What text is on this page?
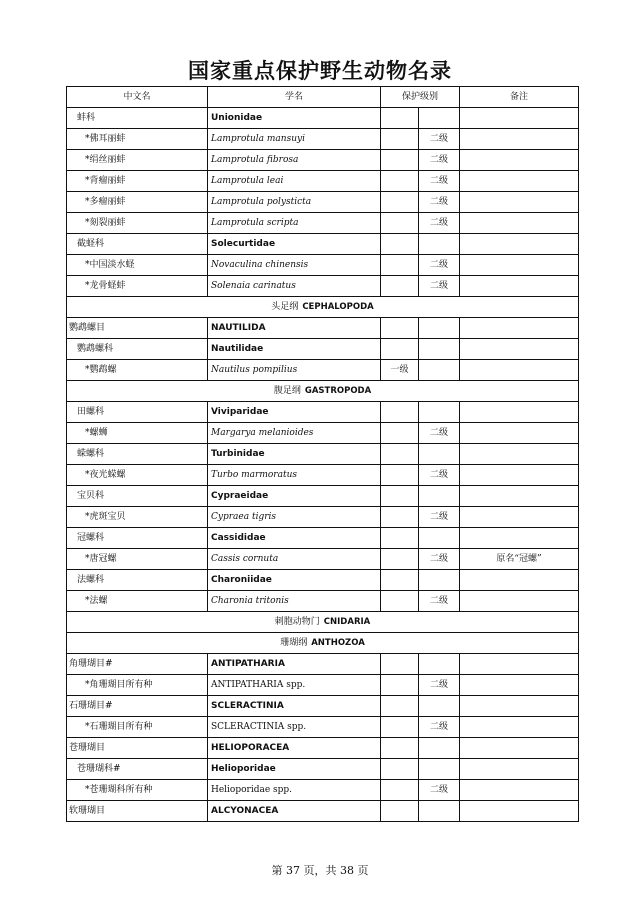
国家重点保护野生动物名录
中文名	学名	保护级别		备注
蚌科	Unionidae			
*佛耳丽蚌	Lamprotula mansuyi		二级	
*绢丝丽蚌	Lamprotula fibrosa		二级	
*背瘤丽蚌	Lamprotula leai		二级	
*多瘤丽蚌	Lamprotula polysticta		二级	
*刻裂丽蚌	Lamprotula scripta		二级	
截蛏科	Solecurtidae			
*中国淡水蛏	Novaculina chinensis		二级	
*龙骨蛏蚌	Solenaia carinatus		二级	
头足纲 CEPHALOPODA				
鹦鹉螺目	NAUTILIDA			
鹦鹉螺科	Nautilidae			
*鹦鹉螺	Nautilus pompilius	一级		
腹足纲 GASTROPODA				
田螺科	Viviparidae			
*螺蛳	Margarya melanioides		二级	
蝾螺科	Turbinidae			
*夜光蝾螺	Turbo marmoratus		二级	
宝贝科	Cypraeidae			
*虎斑宝贝	Cypraea tigris		二级	
冠螺科	Cassididae			
*唐冠螺	Cassis cornuta		二级	原名“冠螺”
法螺科	Charoniidae			
*法螺	Charonia tritonis		二级	
刺胞动物门 CNIDARIA				
珊瑚纲 ANTHOZOA				
角珊瑚目#	ANTIPATHARIA			
*角珊瑚目所有种	ANTIPATHARIA spp.		二级	
石珊瑚目#	SCLERACTINIA			
*石珊瑚目所有种	SCLERACTINIA spp.		二级	
苍珊瑚目	HELIOPORACEA			
苍珊瑚科#	Helioporidae			
*苍珊瑚科所有种	Helioporidae spp.		二级	
软珊瑚目	ALCYONACEA			
第 37 页，共 38 页
